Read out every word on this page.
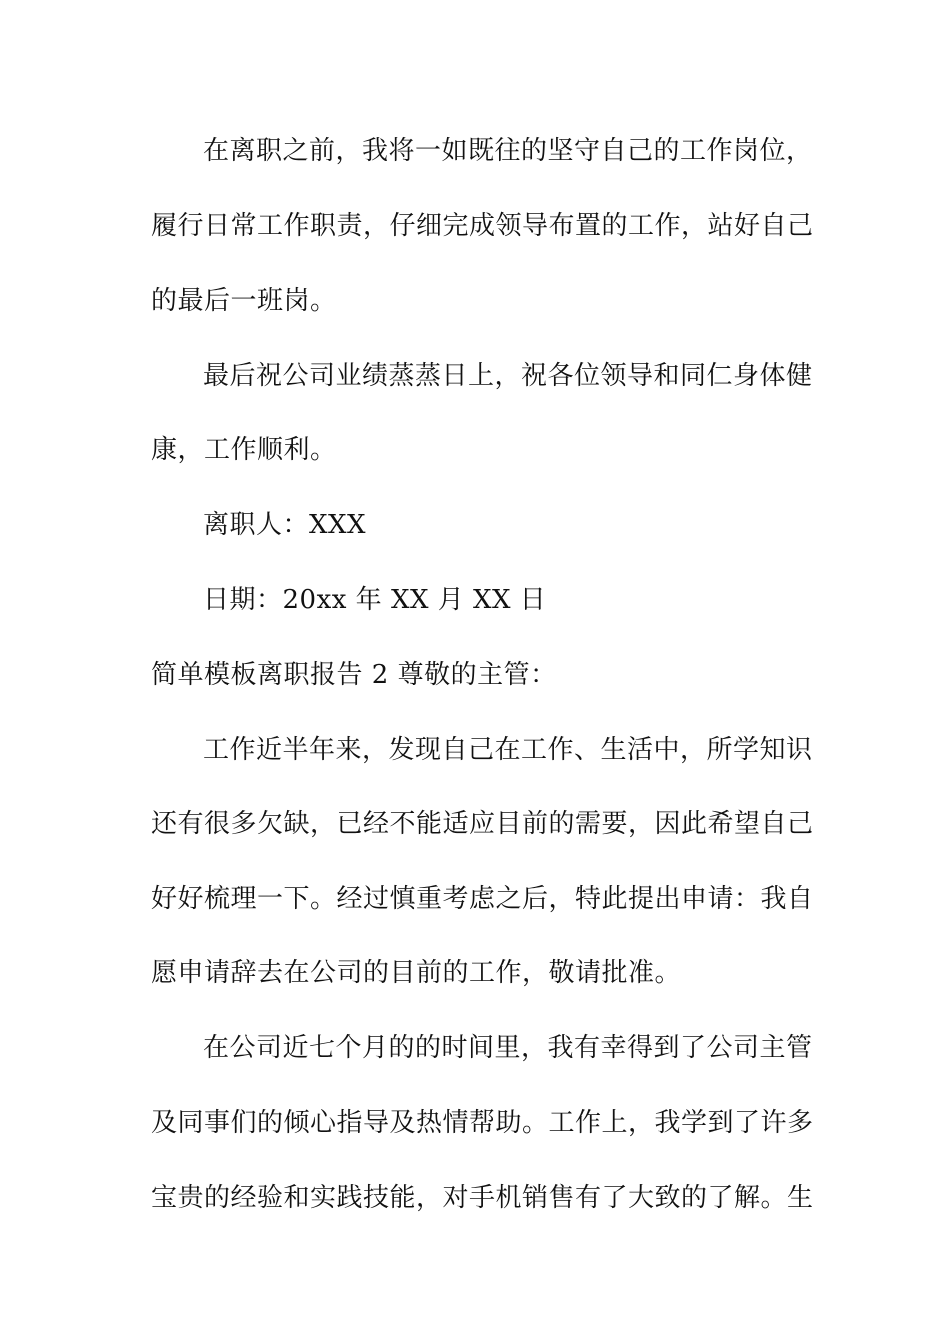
在离职之前，我将一如既往的坚守自己的工作岗位，
履行日常工作职责，仔细完成领导布置的工作，站好自己
的最后一班岗。
最后祝公司业绩蒸蒸日上，祝各位领导和同仁身体健
康，工作顺利。
离职人：XXX
日期：20xx 年 XX 月 XX 日
简单模板离职报告 2 尊敬的主管：
工作近半年来，发现自己在工作、生活中，所学知识
还有很多欠缺，已经不能适应目前的需要，因此希望自己
好好梳理一下。经过慎重考虑之后，特此提出申请：我自
愿申请辞去在公司的目前的工作，敬请批准。
在公司近七个月的的时间里，我有幸得到了公司主管
及同事们的倾心指导及热情帮助。工作上，我学到了许多
宝贵的经验和实践技能，对手机销售有了大致的了解。生
